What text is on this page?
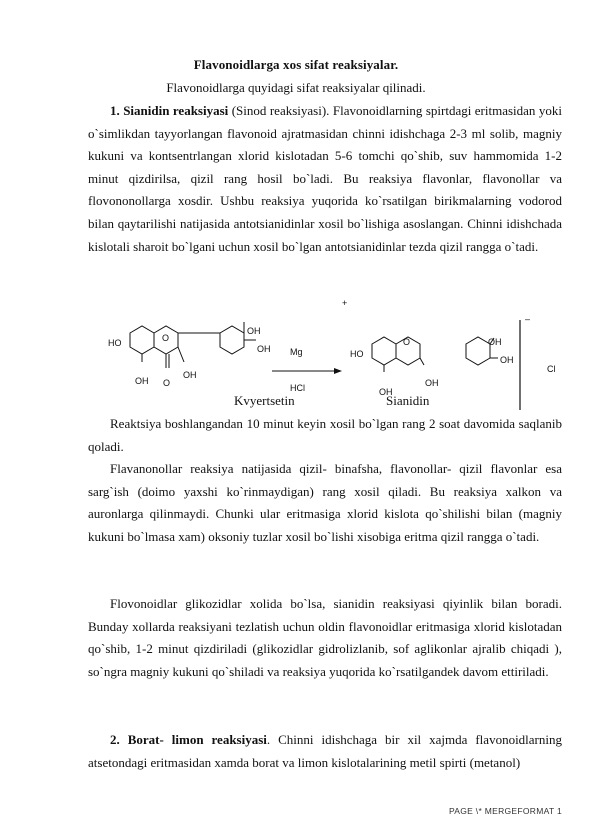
Flavonoidlarga xos sifat reaksiyalar.
Flavonoidlarga quyidagi sifat reaksiyalar qilinadi.

1. Sianidin reaksiyasi (Sinod reaksiyasi). Flavonoidlarning spirtdagi eritmasidan yoki o`simlikdan tayyorlangan flavonoid ajratmasidan chinni idishchaga 2-3 ml solib, magniy kukuni va kontsentrlangan xlorid kislotadan 5-6 tomchi qo`shib, suv hammomida 1-2 minut qizdirilsa, qizil rang hosil bo`ladi. Bu reaksiya flavonlar, flavonollar va flovononollarga xosdir. Ushbu reaksiya yuqorida ko`rsatilgan birikmalarning vodorod bilan qaytarilishi natijasida antotsianidinlar xosil bo`lishiga asoslangan. Chinni idishchada kislotali sharoit bo`lgani uchun xosil bo`lgan antotsianidinlar tezda qizil rangga o`tadi.

HO	O
OH
OH
OH
OH O
Mg
HCl
+
HO
O
OH
OH
OH
OH
–
Cl
Kvyertsetin	Sianidin

Reaktsiya boshlangandan 10 minut keyin xosil bo`lgan rang 2 soat davomida saqlanib qoladi.

Flavanonollar reaksiya natijasida qizil- binafsha, flavonollar- qizil flavonlar esa sarg`ish (doimo yaxshi ko`rinmaydigan) rang xosil qiladi. Bu reaksiya xalkon va auronlarga qilinmaydi. Chunki ular eritmasiga xlorid kislota qo`shilishi bilan (magniy kukuni bo`lmasa xam) oksoniy tuzlar xosil bo`lishi xisobiga eritma qizil rangga o`tadi.

Flovonoidlar glikozidlar xolida bo`lsa, sianidin reaksiyasi qiyinlik bilan boradi. Bunday xollarda reaksiyani tezlatish uchun oldin flavonoidlar eritmasiga xlorid kislotadan qo`shib, 1-2 minut qizdiriladi (glikozidlar gidrolizlanib, sof aglikonlar ajralib chiqadi ), so`ngra magniy kukuni qo`shiladi va reaksiya yuqorida ko`rsatilgandek davom ettiriladi.

2. Borat- limon reaksiyasi. Chinni idishchaga bir xil xajmda flavonoidlarning atsetondagi eritmasidan xamda borat va limon kislotalarining metil spirti (metanol)

PAGE \* MERGEFORMAT 1
